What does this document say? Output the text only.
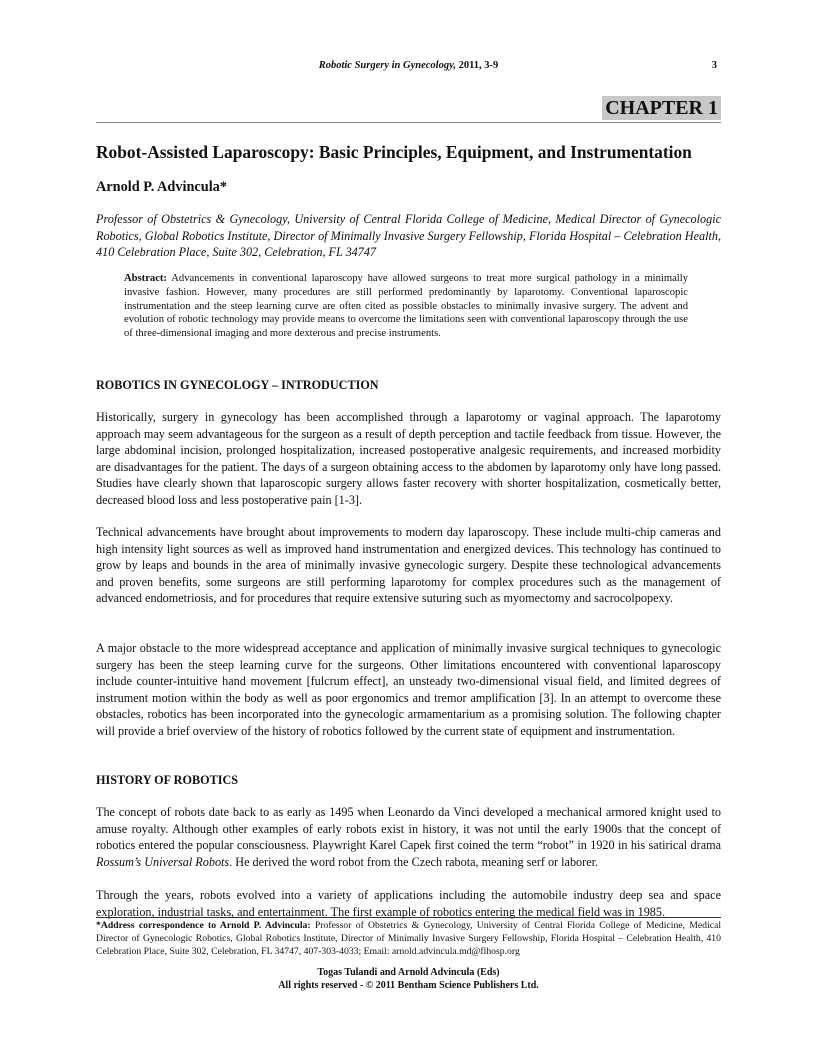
Robotic Surgery in Gynecology, 2011, 3-9	3
CHAPTER 1
Robot-Assisted Laparoscopy: Basic Principles, Equipment, and Instrumentation
Arnold P. Advincula*
Professor of Obstetrics & Gynecology, University of Central Florida College of Medicine, Medical Director of Gynecologic Robotics, Global Robotics Institute, Director of Minimally Invasive Surgery Fellowship, Florida Hospital – Celebration Health, 410 Celebration Place, Suite 302, Celebration, FL 34747
Abstract: Advancements in conventional laparoscopy have allowed surgeons to treat more surgical pathology in a minimally invasive fashion. However, many procedures are still performed predominantly by laparotomy. Conventional laparoscopic instrumentation and the steep learning curve are often cited as possible obstacles to minimally invasive surgery. The advent and evolution of robotic technology may provide means to overcome the limitations seen with conventional laparoscopy through the use of three-dimensional imaging and more dexterous and precise instruments.
ROBOTICS IN GYNECOLOGY – INTRODUCTION
Historically, surgery in gynecology has been accomplished through a laparotomy or vaginal approach. The laparotomy approach may seem advantageous for the surgeon as a result of depth perception and tactile feedback from tissue. However, the large abdominal incision, prolonged hospitalization, increased postoperative analgesic requirements, and increased morbidity are disadvantages for the patient. The days of a surgeon obtaining access to the abdomen by laparotomy only have long passed. Studies have clearly shown that laparoscopic surgery allows faster recovery with shorter hospitalization, cosmetically better, decreased blood loss and less postoperative pain [1-3].
Technical advancements have brought about improvements to modern day laparoscopy. These include multi-chip cameras and high intensity light sources as well as improved hand instrumentation and energized devices. This technology has continued to grow by leaps and bounds in the area of minimally invasive gynecologic surgery. Despite these technological advancements and proven benefits, some surgeons are still performing laparotomy for complex procedures such as the management of advanced endometriosis, and for procedures that require extensive suturing such as myomectomy and sacrocolpopexy.
A major obstacle to the more widespread acceptance and application of minimally invasive surgical techniques to gynecologic surgery has been the steep learning curve for the surgeons. Other limitations encountered with conventional laparoscopy include counter-intuitive hand movement [fulcrum effect], an unsteady two-dimensional visual field, and limited degrees of instrument motion within the body as well as poor ergonomics and tremor amplification [3]. In an attempt to overcome these obstacles, robotics has been incorporated into the gynecologic armamentarium as a promising solution. The following chapter will provide a brief overview of the history of robotics followed by the current state of equipment and instrumentation.
HISTORY OF ROBOTICS
The concept of robots date back to as early as 1495 when Leonardo da Vinci developed a mechanical armored knight used to amuse royalty. Although other examples of early robots exist in history, it was not until the early 1900s that the concept of robotics entered the popular consciousness. Playwright Karel Capek first coined the term “robot” in 1920 in his satirical drama Rossum’s Universal Robots. He derived the word robot from the Czech rabota, meaning serf or laborer.
Through the years, robots evolved into a variety of applications including the automobile industry deep sea and space exploration, industrial tasks, and entertainment. The first example of robotics entering the medical field was in 1985.
*Address correspondence to Arnold P. Advincula: Professor of Obstetrics & Gynecology, University of Central Florida College of Medicine, Medical Director of Gynecologic Robotics, Global Robotics Institute, Director of Minimally Invasive Surgery Fellowship, Florida Hospital – Celebration Health, 410 Celebration Place, Suite 302, Celebration, FL 34747, 407-303-4033; Email: arnold.advincula.md@flhosp.org
Togas Tulandi and Arnold Advincula (Eds)
All rights reserved - © 2011 Bentham Science Publishers Ltd.
